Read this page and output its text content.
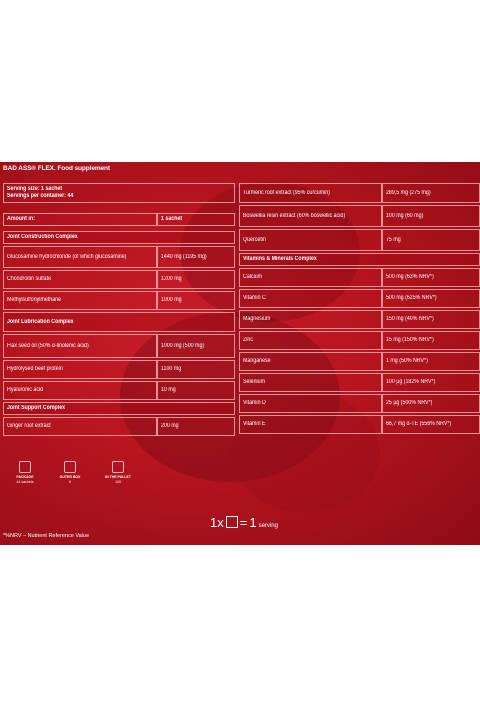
BAD ASS® FLEX. Food supplement
Serving size: 1 sachet
Servings per container: 44
Amount in:	1 sachet
Joint Construction Complex
Glucosamine hydrochloride (of which glucosamine)	1440 mg (1195 mg)
Chondroitin sulfate	1200 mg
Methylsulfonylmethane	1000 mg
Joint Lubrication Complex
Flax seed oil (50% α-linolenic acid)	1000 mg (500 mg)
Hydrolysed beef protein	1100 mg
Hyaluronic acid	10 mg
Joint Support Complex
Ginger root extract	200 mg
Turmeric root extract (95% curcumin)	289,5 mg (275 mg)
Boswellia resin extract (60% boswellic acid)	100 mg (60 mg)
Quercetin	75 mg
Vitamins & Minerals Complex
Calcium	500 mg (63% NRV*)
Vitamin C	500 mg (625% NRV*)
Magnesium	150 mg (40% NRV*)
Zinc	15 mg (150% NRV*)
Manganese	1 mg (50% NRV*)
Selenium	100 µg (182% NRV*)
Vitamin D	25 µg (500% NRV*)
Vitamin E	66,7 mg α-TE (556% NRV*)
PACKAGE
44 sachets
OUTER BOX
6
IN THE PALLET
120
1x = 1 serving
*%NRV – Nutrient Reference Value
